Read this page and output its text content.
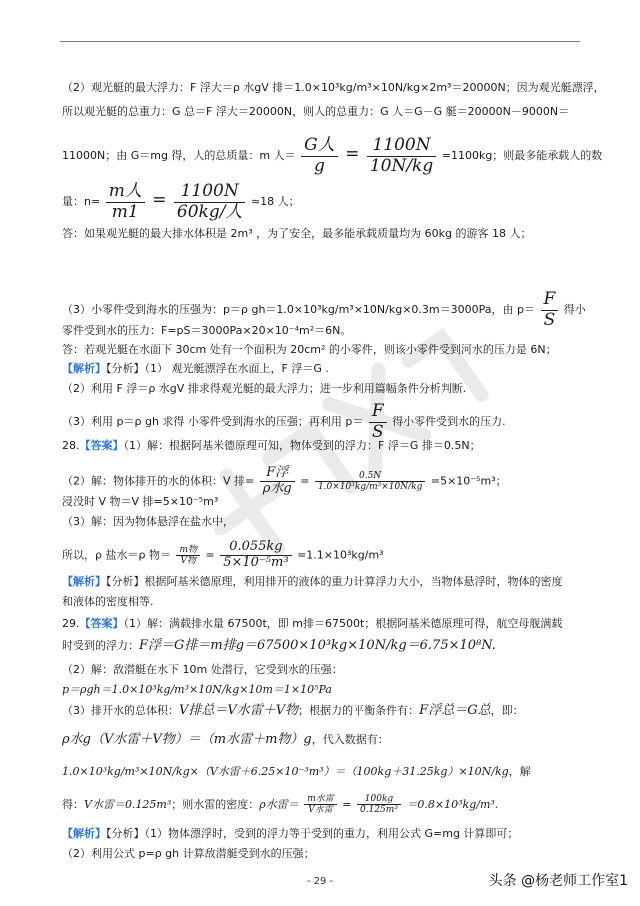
（2）观光艇的最大浮力：F 浮大＝ρ 水gV 排＝1.0×10³kg/m³×10N/kg×2m³＝20000N；因为观光艇漂浮，
所以观光艇的总重力：G 总＝F 浮大＝20000N，则人的总重力：G 人＝G－G 艇＝20000N－9000N＝
11000N；由 G＝mg 得，人的总质量：m 人＝ $\frac{\text{G人}}{g} = \frac{1100N}{10N/kg} =1100kg$；则最多能承载人的数
量：$n= \frac{\text{m人}}{m1} = \frac{1100N}{\text{60kg/人}} \approx 18$ 人；
答：如果观光艇的最大排水体积是 2m³ ，为了安全，最多能承载质量均为 60kg 的游客 18 人；
（3）小零件受到海水的压强为：p＝ρ gh＝1.0×10³kg/m³×10N/kg×0.3m＝3000Pa，由 $p= \frac{F}{S}$ 得小
零件受到水的压力：F=pS＝3000Pa×20×10⁻⁴m²＝6N。
答：若观光艇在水面下 30cm 处有一个面积为 20cm² 的小零件，则该小零件受到河水的压力是 6N；
【解析】【分析】（1） 观光艇漂浮在水面上，F 浮＝G .
（2）利用 F 浮＝ρ 水gV 排求得观光艇的最大浮力；进一步利用篇幅条件分析判断.
（3）利用 p＝ρ gh 求得 小零件受到海水的压强；再利用 $p= \frac{F}{S}$ 得小零件受到水的压力.
28.【答案】（1）解：根据阿基米德原理可知，物体受到的浮力：F 浮＝G 排＝0.5N；
（2）解：物体排开的水的体积：V 排= $\frac{\text{F浮}}{\text{ρ水g}} = \frac{0.5N}{\text{1.0×10³kg/m³×10N/kg}} =5\times 10^{-5}m^3$；
浸没时 V 物＝V 排=5×10⁻⁵m³
（3）解：因为物体悬浮在盐水中，
所以，ρ 盐水＝ρ 物＝ $\frac{\text{m物}}{\text{V物}} = \frac{0.055kg}{\text{5×10⁻⁵m³}} =1.1\times 10^3kg/m^3$
【解析】【分析】根据阿基米德原理，利用排开的液体的重力计算浮力大小，当物体悬浮时，物体的密度
和液体的密度相等.
29.【答案】（1）解：满载排水量 67500t，即 m排＝67500t；根据阿基米德原理可得，航空母舰满载
时受到的浮力：F浮＝G排＝m排g＝67500×10³kg×10N/kg＝6.75×10⁸N.
（2）解：敌潜艇在水下 10m 处潜行，它受到水的压强：
p＝ρgh＝1.0×10³kg/m³×10N/kg×10m＝1×10⁵Pa
（3）排开水的总体积：V排总＝V水雷＋V物；根据力的平衡条件有：F浮总＝G总，即：
ρ水g（V水雷＋V物）＝（m水雷＋m物）g，代入数据有：
1.0×10³kg/m³×10N/kg×（V水雷＋6.25×10⁻³m³）＝（100kg＋31.25kg）×10N/kg，解
得：V水雷＝0.125m³；则水雷的密度：ρ水雷＝ $\frac{\text{m水雷}}{\text{V水雷}} = \frac{100kg}{\text{0.125m³}} =0.8\times 10^3kg/m^3$.
【解析】【分析】（1）物体漂浮时，受到的浮力等于受到的重力，利用公式 G=mg 计算即可；
（2）利用公式 p=ρ gh 计算敌潜艇受到水的压强；
- 29 -	头条 @杨老师工作室1
